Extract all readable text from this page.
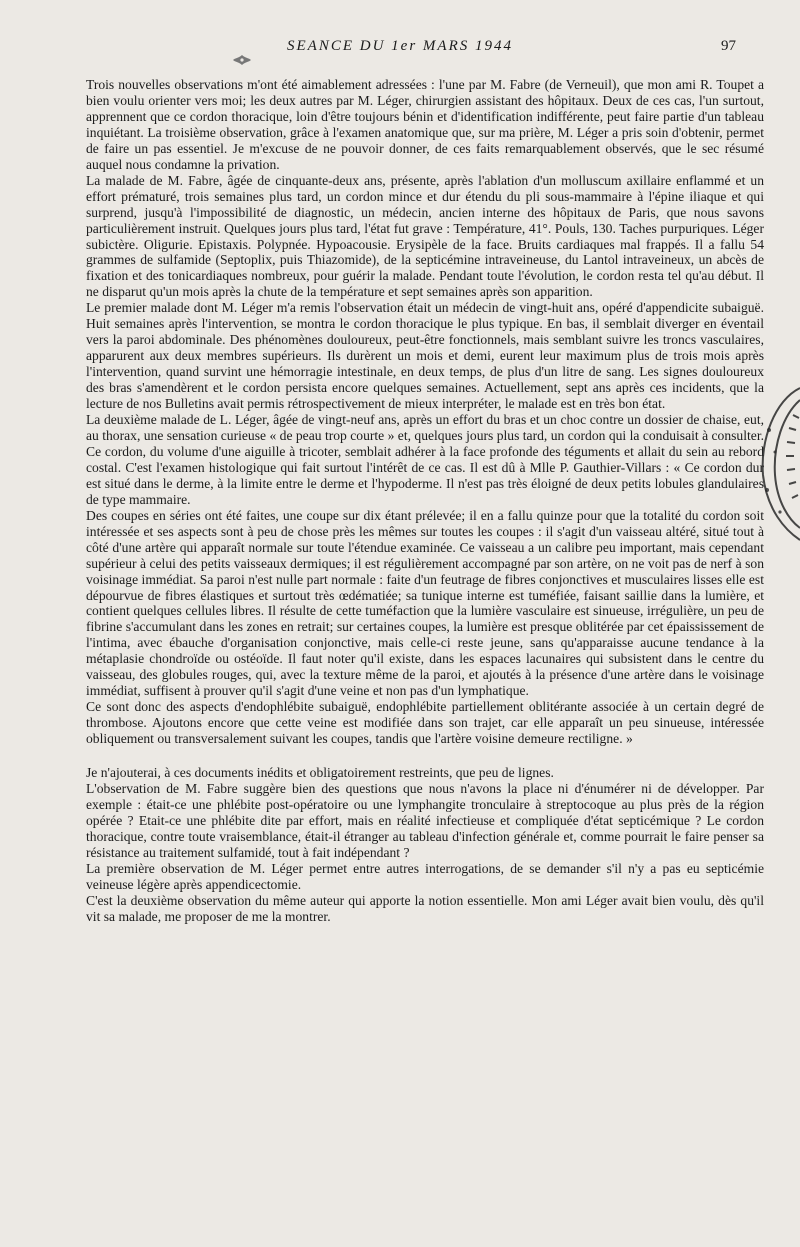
SEANCE DU 1er MARS 1944	97

Trois nouvelles observations m'ont été aimablement adressées : l'une par M. Fabre (de Verneuil), que mon ami R. Toupet a bien voulu orienter vers moi; les deux autres par M. Léger, chirurgien assistant des hôpitaux. Deux de ces cas, l'un surtout, apprennent que ce cordon thoracique, loin d'être toujours bénin et d'identification indifférente, peut faire partie d'un tableau inquiétant. La troisième observation, grâce à l'examen anatomique que, sur ma prière, M. Léger a pris soin d'obtenir, permet de faire un pas essentiel. Je m'excuse de ne pouvoir donner, de ces faits remarquablement observés, que le sec résumé auquel nous condamne la privation.

La malade de M. Fabre, âgée de cinquante-deux ans, présente, après l'ablation d'un molluscum axillaire enflammé et un effort prématuré, trois semaines plus tard, un cordon mince et dur étendu du pli sous-mammaire à l'épine iliaque et qui surprend, jusqu'à l'impossibilité de diagnostic, un médecin, ancien interne des hôpitaux de Paris, que nous savons particulièrement instruit. Quelques jours plus tard, l'état fut grave : Température, 41°. Pouls, 130. Taches purpuriques. Léger subictère. Oligurie. Epistaxis. Polypnée. Hypoacousie. Erysipèle de la face. Bruits cardiaques mal frappés. Il a fallu 54 grammes de sulfamide (Septoplix, puis Thiazomide), de la septicémine intraveineuse, du Lantol intraveineux, un abcès de fixation et des tonicardiaques nombreux, pour guérir la malade. Pendant toute l'évolution, le cordon resta tel qu'au début. Il ne disparut qu'un mois après la chute de la température et sept semaines après son apparition.

Le premier malade dont M. Léger m'a remis l'observation était un médecin de vingt-huit ans, opéré d'appendicite subaiguë. Huit semaines après l'intervention, se montra le cordon thoracique le plus typique. En bas, il semblait diverger en éventail vers la paroi abdominale. Des phénomènes douloureux, peut-être fonctionnels, mais semblant suivre les troncs vasculaires, apparurent aux deux membres supérieurs. Ils durèrent un mois et demi, eurent leur maximum plus de trois mois après l'intervention, quand survint une hémorragie intestinale, en deux temps, de plus d'un litre de sang. Les signes douloureux des bras s'amendèrent et le cordon persista encore quelques semaines. Actuellement, sept ans après ces incidents, que la lecture de nos Bulletins avait permis rétrospectivement de mieux interpréter, le malade est en très bon état.

La deuxième malade de L. Léger, âgée de vingt-neuf ans, après un effort du bras et un choc contre un dossier de chaise, eut, au thorax, une sensation curieuse « de peau trop courte » et, quelques jours plus tard, un cordon qui la conduisait à consulter. Ce cordon, du volume d'une aiguille à tricoter, semblait adhérer à la face profonde des téguments et allait du sein au rebord costal. C'est l'examen histologique qui fait surtout l'intérêt de ce cas. Il est dû à Mlle P. Gauthier-Villars : « Ce cordon dur est situé dans le derme, à la limite entre le derme et l'hypoderme. Il n'est pas très éloigné de deux petits lobules glandulaires de type mammaire.

Des coupes en séries ont été faites, une coupe sur dix étant prélevée; il en a fallu quinze pour que la totalité du cordon soit intéressée et ses aspects sont à peu de chose près les mêmes sur toutes les coupes : il s'agit d'un vaisseau altéré, situé tout à côté d'une artère qui apparaît normale sur toute l'étendue examinée. Ce vaisseau a un calibre peu important, mais cependant supérieur à celui des petits vaisseaux dermiques; il est régulièrement accompagné par son artère, on ne voit pas de nerf à son voisinage immédiat. Sa paroi n'est nulle part normale : faite d'un feutrage de fibres conjonctives et musculaires lisses elle est dépourvue de fibres élastiques et surtout très œdématiée; sa tunique interne est tuméfiée, faisant saillie dans la lumière, et contient quelques cellules libres. Il résulte de cette tuméfaction que la lumière vasculaire est sinueuse, irrégulière, un peu de fibrine s'accumulant dans les zones en retrait; sur certaines coupes, la lumière est presque oblitérée par cet épaississement de l'intima, avec ébauche d'organisation conjonctive, mais celle-ci reste jeune, sans qu'apparaisse aucune tendance à la métaplasie chondroïde ou ostéoïde. Il faut noter qu'il existe, dans les espaces lacunaires qui subsistent dans le centre du vaisseau, des globules rouges, qui, avec la texture même de la paroi, et ajoutés à la présence d'une artère dans le voisinage immédiat, suffisent à prouver qu'il s'agit d'une veine et non pas d'un lymphatique.

Ce sont donc des aspects d'endophlébite subaiguë, endophlébite partiellement oblitérante associée à un certain degré de thrombose. Ajoutons encore que cette veine est modifiée dans son trajet, car elle apparaît un peu sinueuse, intéressée obliquement ou transversalement suivant les coupes, tandis que l'artère voisine demeure rectiligne. »

Je n'ajouterai, à ces documents inédits et obligatoirement restreints, que peu de lignes.

L'observation de M. Fabre suggère bien des questions que nous n'avons la place ni d'énumérer ni de développer. Par exemple : était-ce une phlébite post-opératoire ou une lymphangite tronculaire à streptocoque au plus près de la région opérée ? Etait-ce une phlébite dite par effort, mais en réalité infectieuse et compliquée d'état septicémique ? Le cordon thoracique, contre toute vraisemblance, était-il étranger au tableau d'infection générale et, comme pourrait le faire penser sa résistance au traitement sulfamidé, tout à fait indépendant ?

La première observation de M. Léger permet entre autres interrogations, de se demander s'il n'y a pas eu septicémie veineuse légère après appendicectomie.

C'est la deuxième observation du même auteur qui apporte la notion essentielle. Mon ami Léger avait bien voulu, dès qu'il vit sa malade, me proposer de me la montrer.
